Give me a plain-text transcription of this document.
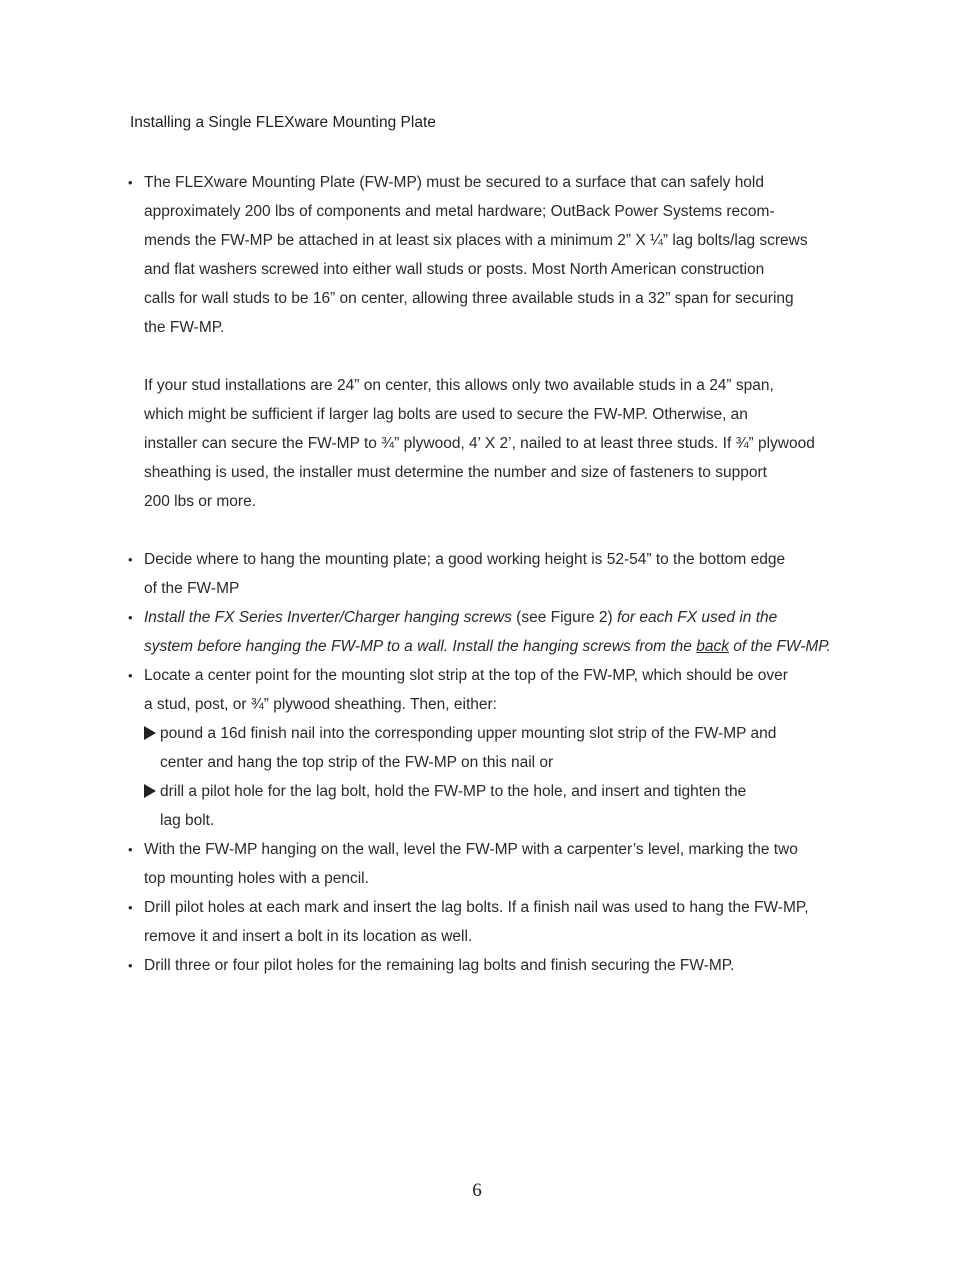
Installing a Single FLEXware Mounting Plate
• The FLEXware Mounting Plate (FW-MP) must be secured to a surface that can safely hold
approximately 200 lbs of components and metal hardware; OutBack Power Systems recom-
mends the FW-MP be attached in at least six places with a minimum 2” X ¼” lag bolts/lag screws
and flat washers screwed into either wall studs or posts. Most North American construction
calls for wall studs to be 16” on center, allowing three available studs in a 32” span for securing
the FW-MP.
If your stud installations are 24” on center, this allows only two available studs in a 24” span,
which might be sufficient if larger lag bolts are used to secure the FW-MP. Otherwise, an
installer can secure the FW-MP to ¾” plywood, 4’ X 2’, nailed to at least three studs. If ¾” plywood
sheathing is used, the installer must determine the number and size of fasteners to support
200 lbs or more.
• Decide where to hang the mounting plate; a good working height is 52-54” to the bottom edge
of the FW-MP
• Install the FX Series Inverter/Charger hanging screws (see Figure 2) for each FX used in the
system before hanging the FW-MP to a wall. Install the hanging screws from the back of the FW-MP.
• Locate a center point for the mounting slot strip at the top of the FW-MP, which should be over
a stud, post, or ¾” plywood sheathing. Then, either:
pound a 16d finish nail into the corresponding upper mounting slot strip of the FW-MP and
center and hang the top strip of the FW-MP on this nail or
drill a pilot hole for the lag bolt, hold the FW-MP to the hole, and insert and tighten the
lag bolt.
• With the FW-MP hanging on the wall, level the FW-MP with a carpenter’s level, marking the two
top mounting holes with a pencil.
• Drill pilot holes at each mark and insert the lag bolts. If a finish nail was used to hang the FW-MP,
remove it and insert a bolt in its location as well.
• Drill three or four pilot holes for the remaining lag bolts and finish securing the FW-MP.
6
